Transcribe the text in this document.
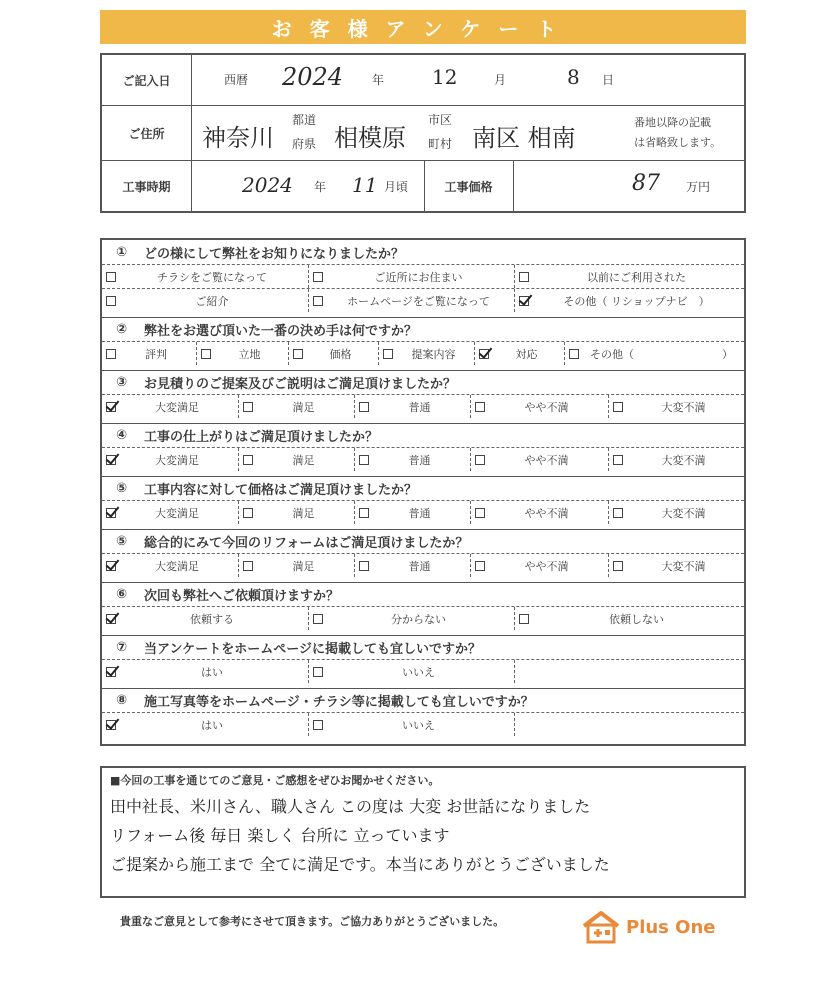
お客様アンケート
ご記入日	西暦 2024 年 12	月	8 日
ご住所	神奈川
都道
府県 相模原
市区
町村 南区 相南
番地以降の記載
は省略致します。
工事時期	2024 年 11 月頃	工事価格	87 万円
①	どの様にして弊社をお知りになりましたか？
チラシをご覧になって	ご近所にお住まい	以前にご利用された
ご紹介	ホームページをご覧になって	その他（ リショップナビ　）
②	弊社をお選び頂いた一番の決め手は何ですか？
評判	立地	価格	提案内容	対応	その他（　　　　　　　　）
③	お見積りのご提案及びご説明はご満足頂けましたか？
大変満足	満足	普通	やや不満	大変不満
④	工事の仕上がりはご満足頂けましたか？
大変満足	満足	普通	やや不満	大変不満
⑤	工事内容に対して価格はご満足頂けましたか？
大変満足	満足	普通	やや不満	大変不満
⑤	総合的にみて今回のリフォームはご満足頂けましたか？
大変満足	満足	普通	やや不満	大変不満
⑥	次回も弊社へご依頼頂けますか？
依頼する	分からない	依頼しない
⑦	当アンケートをホームページに掲載しても宜しいですか？
はい	いいえ
⑧	施工写真等をホームページ・チラシ等に掲載しても宜しいですか？
はい	いいえ
■今回の工事を通じてのご意見・ご感想をぜひお聞かせください。
田中社長、米川さん、職人さん この度は 大変 お世話になりました
リフォーム後 毎日 楽しく 台所に 立っています
ご提案から施工まで 全てに満足です。本当にありがとうございました
貴重なご意見として参考にさせて頂きます。ご協力ありがとうございました。	Plus One
